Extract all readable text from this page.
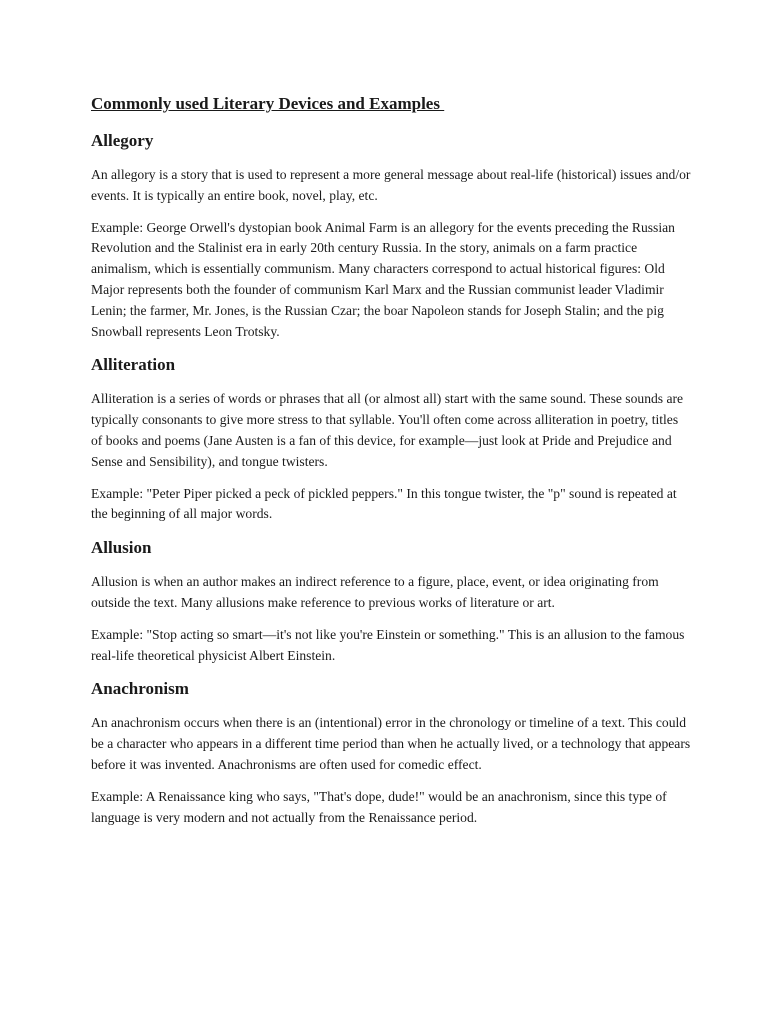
Commonly used Literary Devices and Examples
Allegory

An allegory is a story that is used to represent a more general message about real-life (historical) issues and/or events. It is typically an entire book, novel, play, etc.

Example: George Orwell's dystopian book Animal Farm is an allegory for the events preceding the Russian Revolution and the Stalinist era in early 20th century Russia. In the story, animals on a farm practice animalism, which is essentially communism. Many characters correspond to actual historical figures: Old Major represents both the founder of communism Karl Marx and the Russian communist leader Vladimir Lenin; the farmer, Mr. Jones, is the Russian Czar; the boar Napoleon stands for Joseph Stalin; and the pig Snowball represents Leon Trotsky.

Alliteration

Alliteration is a series of words or phrases that all (or almost all) start with the same sound. These sounds are typically consonants to give more stress to that syllable. You'll often come across alliteration in poetry, titles of books and poems (Jane Austen is a fan of this device, for example—just look at Pride and Prejudice and Sense and Sensibility), and tongue twisters.

Example: "Peter Piper picked a peck of pickled peppers." In this tongue twister, the "p" sound is repeated at the beginning of all major words.

Allusion

Allusion is when an author makes an indirect reference to a figure, place, event, or idea originating from outside the text. Many allusions make reference to previous works of literature or art.

Example: "Stop acting so smart—it's not like you're Einstein or something." This is an allusion to the famous real-life theoretical physicist Albert Einstein.

Anachronism

An anachronism occurs when there is an (intentional) error in the chronology or timeline of a text. This could be a character who appears in a different time period than when he actually lived, or a technology that appears before it was invented. Anachronisms are often used for comedic effect.

Example: A Renaissance king who says, "That's dope, dude!" would be an anachronism, since this type of language is very modern and not actually from the Renaissance period.
